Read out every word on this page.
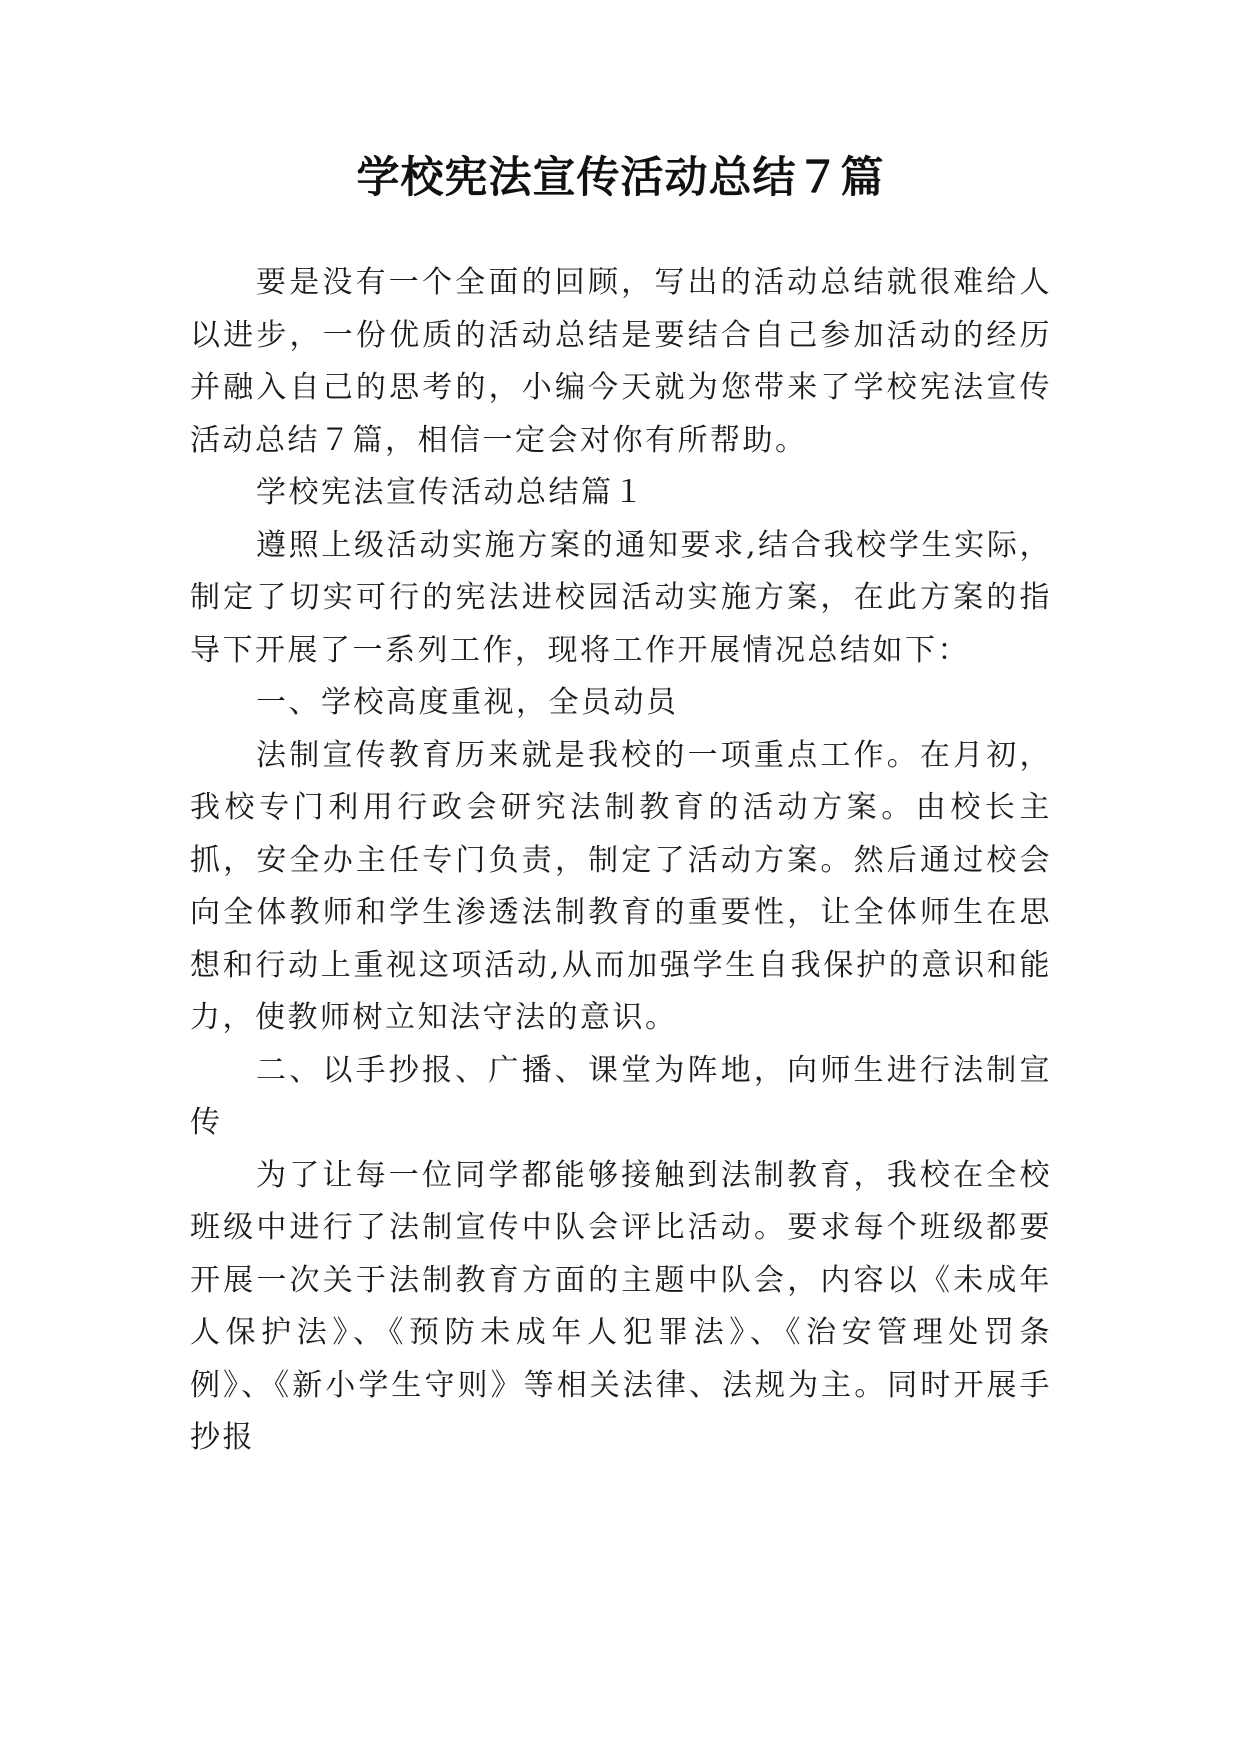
学校宪法宣传活动总结７篇

要是没有一个全面的回顾，写出的活动总结就很难给人以进步，一份优质的活动总结是要结合自己参加活动的经历并融入自己的思考的，小编今天就为您带来了学校宪法宣传活动总结７篇，相信一定会对你有所帮助。

学校宪法宣传活动总结篇１

遵照上级活动实施方案的通知要求,结合我校学生实际，制定了切实可行的宪法进校园活动实施方案，在此方案的指导下开展了一系列工作，现将工作开展情况总结如下：

一、学校高度重视，全员动员

法制宣传教育历来就是我校的一项重点工作。在月初，我校专门利用行政会研究法制教育的活动方案。由校长主抓，安全办主任专门负责，制定了活动方案。然后通过校会向全体教师和学生渗透法制教育的重要性，让全体师生在思想和行动上重视这项活动,从而加强学生自我保护的意识和能力，使教师树立知法守法的意识。

二、以手抄报、广播、课堂为阵地，向师生进行法制宣传

为了让每一位同学都能够接触到法制教育，我校在全校班级中进行了法制宣传中队会评比活动。要求每个班级都要开展一次关于法制教育方面的主题中队会，内容以《未成年人保护法》、《预防未成年人犯罪法》、《治安管理处罚条例》、《新小学生守则》等相关法律、法规为主。同时开展手抄报
